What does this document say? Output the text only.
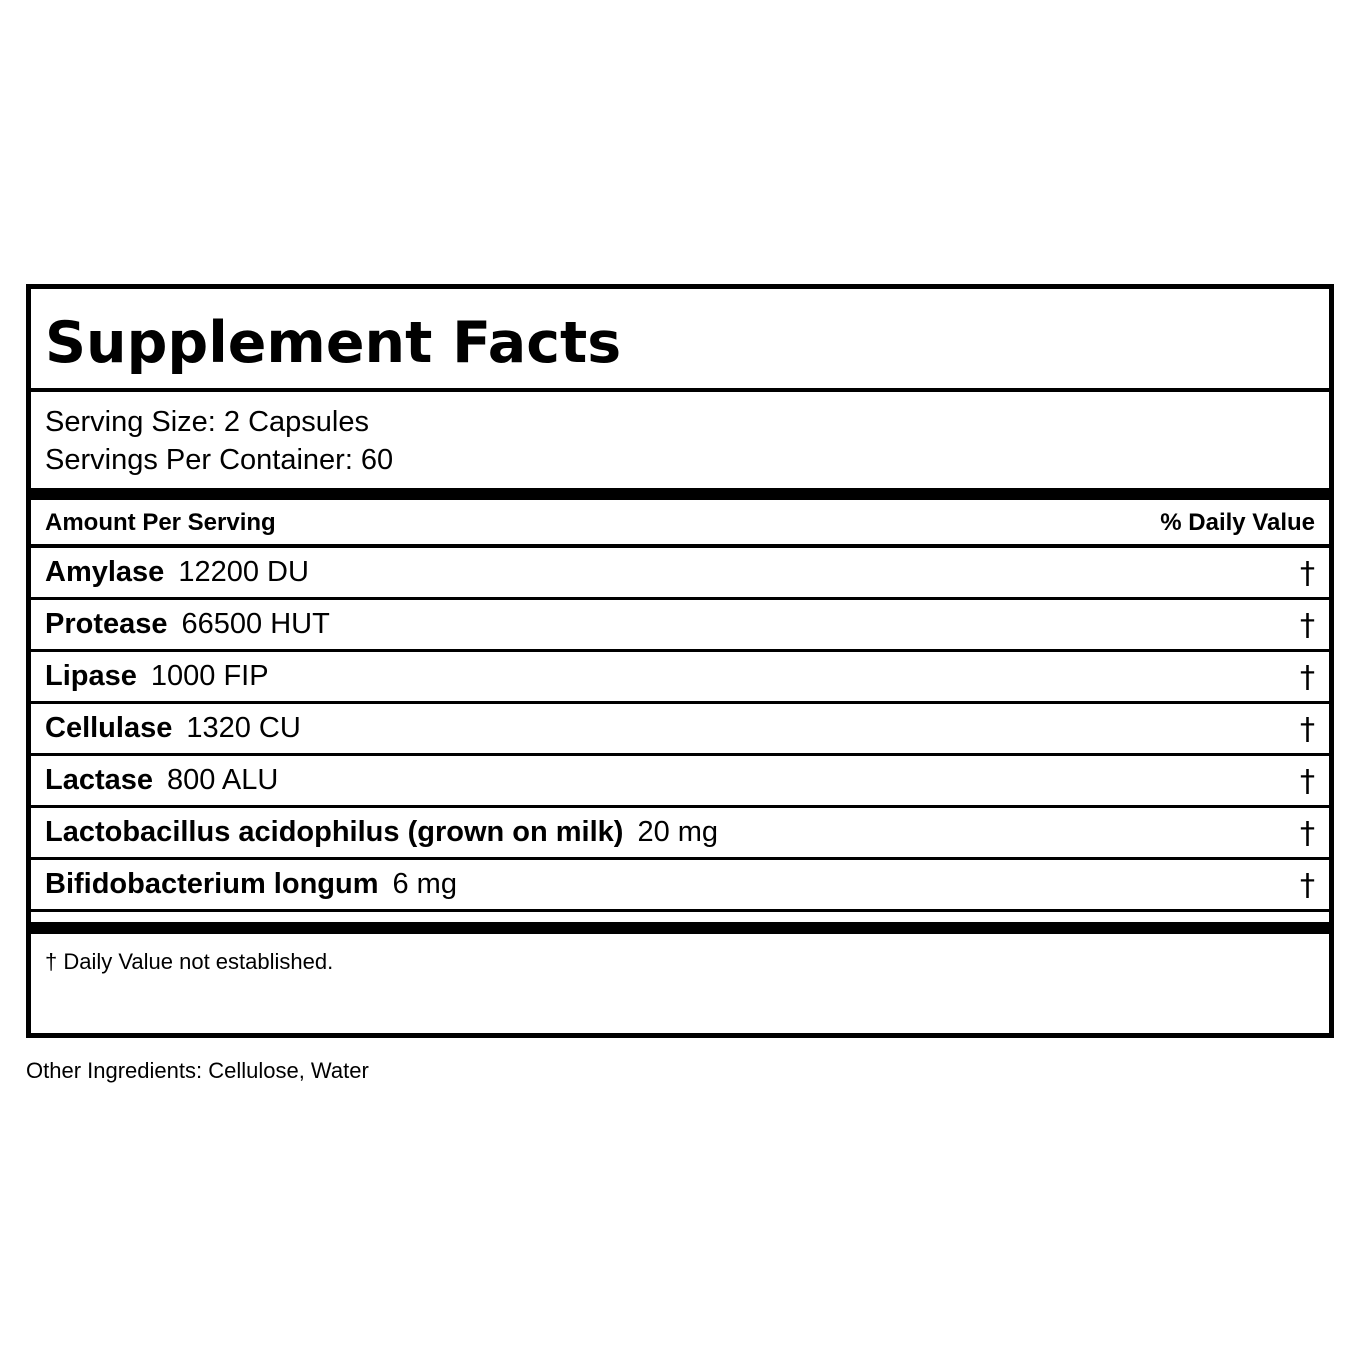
Supplement Facts
Serving Size: 2 Capsules
Servings Per Container: 60
Amount Per Serving	% Daily Value
Amylase 12200 DU	†
Protease 66500 HUT	†
Lipase 1000 FIP	†
Cellulase 1320 CU	†
Lactase 800 ALU	†
Lactobacillus acidophilus (grown on milk) 20 mg	†
Bifidobacterium longum 6 mg	†
† Daily Value not established.
Other Ingredients: Cellulose, Water
